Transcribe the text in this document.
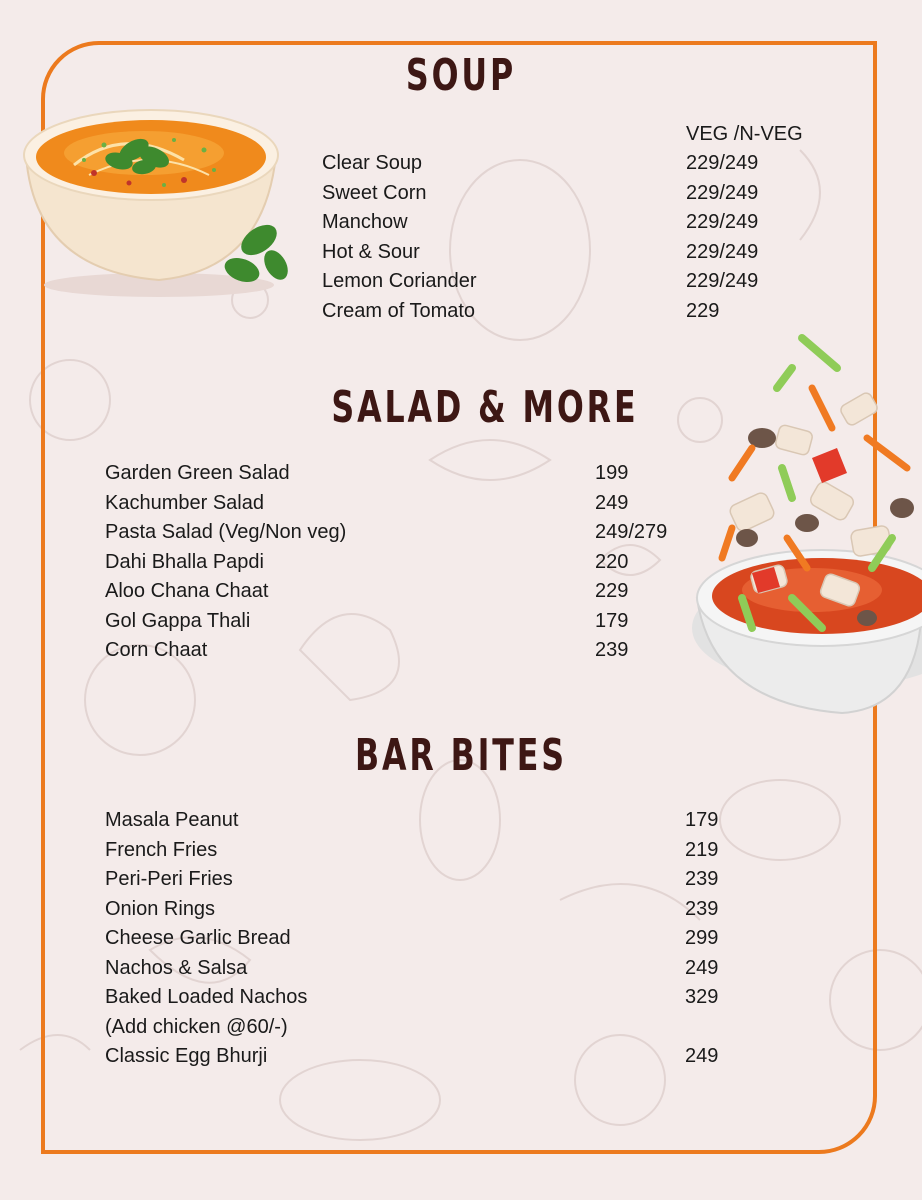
SOUP
VEG /N-VEG
Clear Soup	229/249
Sweet Corn	229/249
Manchow	229/249
Hot & Sour	229/249
Lemon Coriander	229/249
Cream of Tomato	229
SALAD & MORE
Garden Green Salad	199
Kachumber Salad	249
Pasta Salad (Veg/Non veg)	249/279
Dahi Bhalla Papdi	220
Aloo Chana Chaat	229
Gol Gappa Thali	179
Corn Chaat	239
BAR BITES
Masala Peanut	179
French Fries	219
Peri-Peri Fries	239
Onion Rings	239
Cheese Garlic Bread	299
Nachos & Salsa	249
Baked Loaded Nachos	329
(Add chicken @60/-)
Classic Egg Bhurji	249
